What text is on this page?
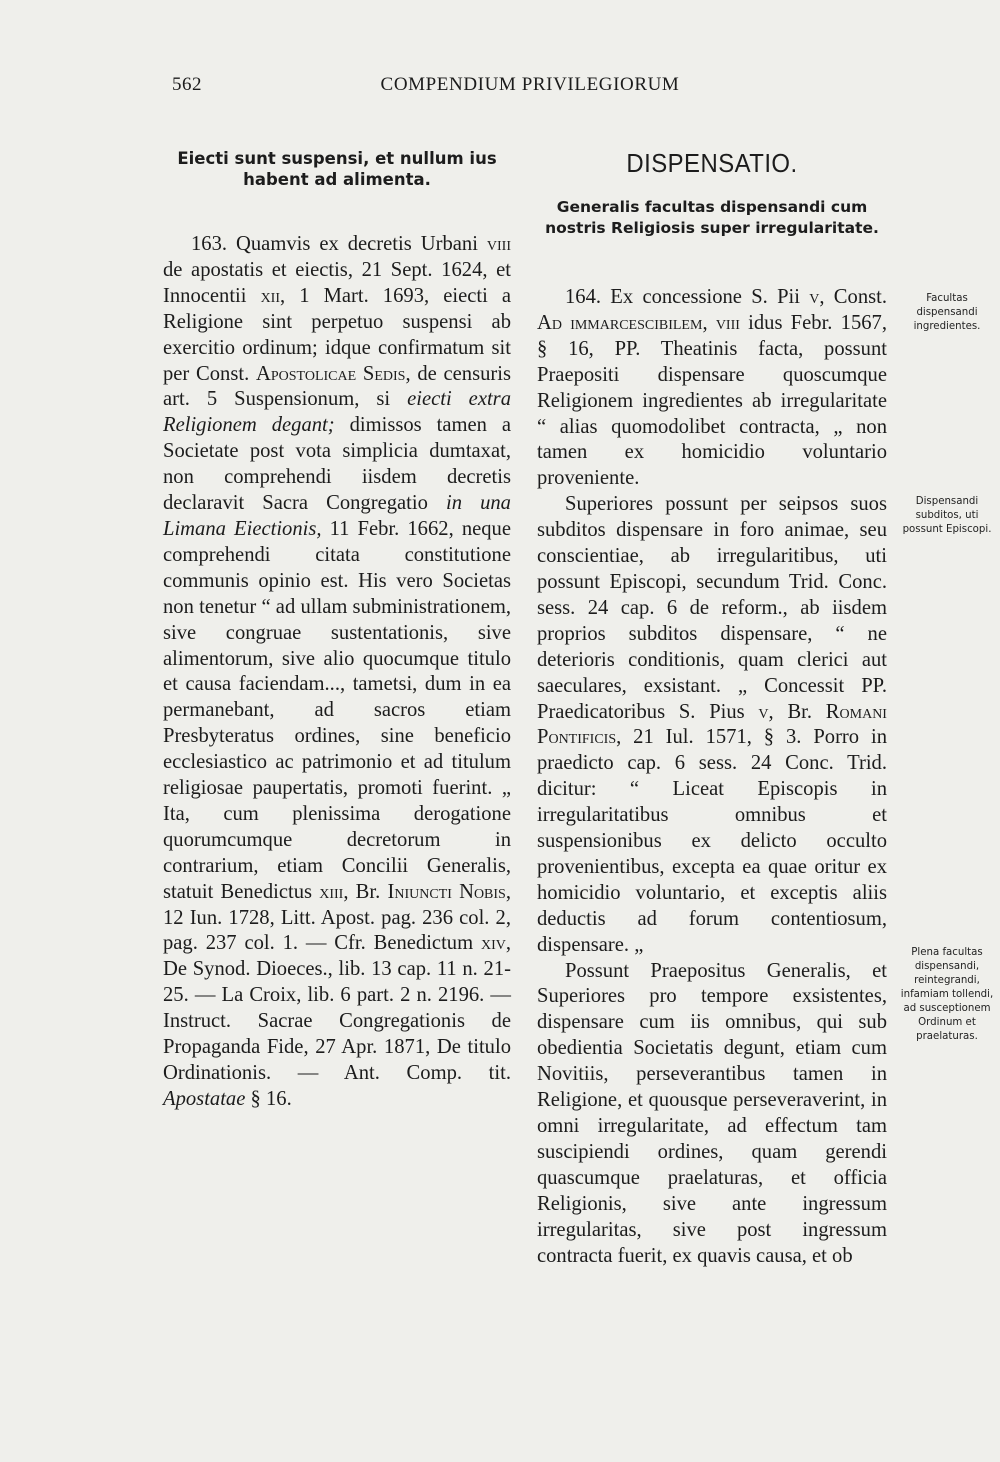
562	COMPENDIUM PRIVILEGIORUM
Eiecti sunt suspensi, et nullum ius habent ad alimenta.

163. Quamvis ex decretis Urbani viii de apostatis et eiectis, 21 Sept. 1624, et Innocentii xii, 1 Mart. 1693, eiecti a Religione sint perpetuo suspensi ab exercitio ordinum; idque confirmatum sit per Const. Apostolicae Sedis, de censuris art. 5 Suspensionum, si eiecti extra Religionem degant; dimissos tamen a Societate post vota simplicia dumtaxat, non comprehendi iisdem decretis declaravit Sacra Congregatio in una Limana Eiectionis, 11 Febr. 1662, neque comprehendi citata constitutione communis opinio est. His vero Societas non tenetur “ ad ullam subministrationem, sive congruae sustentationis, sive alimentorum, sive alio quocumque titulo et causa faciendam..., tametsi, dum in ea permanebant, ad sacros etiam Presbyteratus ordines, sine beneficio ecclesiastico ac patrimonio et ad titulum religiosae paupertatis, promoti fuerint. „ Ita, cum plenissima derogatione quorumcumque decretorum in contrarium, etiam Concilii Generalis, statuit Benedictus xiii, Br. Iniuncti Nobis, 12 Iun. 1728, Litt. Apost. pag. 236 col. 2, pag. 237 col. 1. — Cfr. Benedictum xiv, De Synod. Dioeces., lib. 13 cap. 11 n. 21-25. — La Croix, lib. 6 part. 2 n. 2196. — Instruct. Sacrae Congregationis de Propaganda Fide, 27 Apr. 1871, De titulo Ordinationis. — Ant. Comp. tit. Apostatae § 16.

DISPENSATIO.
Generalis facultas dispensandi cum nostris Religiosis super irregularitate.

164. Ex concessione S. Pii v, Const. Ad immarcescibilem, viii idus Febr. 1567, § 16, PP. Theatinis facta, possunt Praepositi dispensare quoscumque Religionem ingredientes ab irregularitate “ alias quomodolibet contracta, „ non tamen ex homicidio voluntario proveniente.

Superiores possunt per seipsos suos subditos dispensare in foro animae, seu conscientiae, ab irregularitibus, uti possunt Episcopi, secundum Trid. Conc. sess. 24 cap. 6 de reform., ab iisdem proprios subditos dispensare, “ ne deterioris conditionis, quam clerici aut saeculares, exsistant. „ Concessit PP. Praedicatoribus S. Pius v, Br. Romani Pontificis, 21 Iul. 1571, § 3. Porro in praedicto cap. 6 sess. 24 Conc. Trid. dicitur: “ Liceat Episcopis in irregularitatibus omnibus et suspensionibus ex delicto occulto provenientibus, excepta ea quae oritur ex homicidio voluntario, et exceptis aliis deductis ad forum contentiosum, dispensare. „

Possunt Praepositus Generalis, et Superiores pro tempore exsistentes, dispensare cum iis omnibus, qui sub obedientia Societatis degunt, etiam cum Novitiis, perseverantibus tamen in Religione, et quousque perseveraverint, in omni irregularitate, ad effectum tam suscipiendi ordines, quam gerendi quascumque praelaturas, et officia Religionis, sive ante ingressum irregularitas, sive post ingressum contracta fuerit, ex quavis causa, et ob

Facultas dispensandi ingredientes.
Dispensandi subditos, uti possunt Episcopi.
Plena facultas dispensandi, reintegrandi, infamiam tollendi, ad susceptionem Ordinum et praelaturas.
